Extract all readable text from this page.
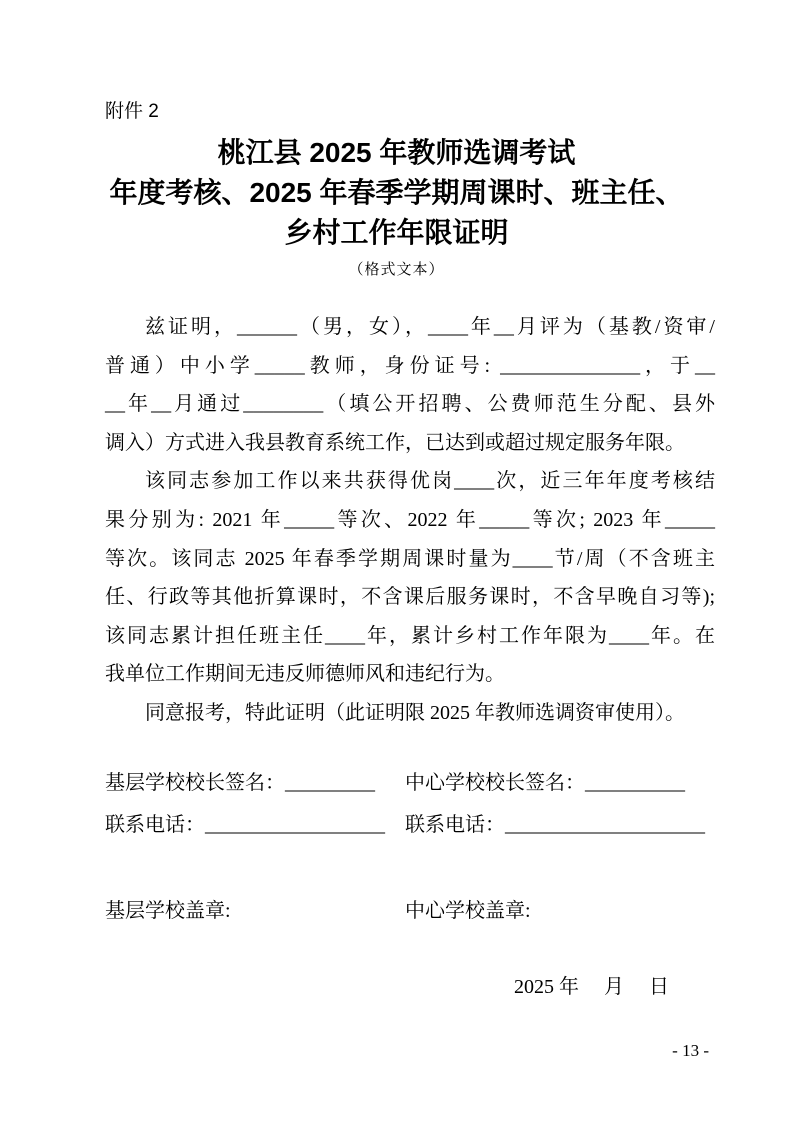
附件 2
桃江县 2025 年教师选调考试
年度考核、2025 年春季学期周课时、班主任、
乡村工作年限证明
（格式文本）
兹证明，______（男，女），____年__月评为（基教/资审/
普通）中小学_____教师，身份证号: ______________，于__
__年__月通过________（填公开招聘、公费师范生分配、县外
调入）方式进入我县教育系统工作，已达到或超过规定服务年限。
该同志参加工作以来共获得优岗____次，近三年年度考核结
果分别为: 2021 年_____等次、2022 年_____等次; 2023 年_____
等次。该同志 2025 年春季学期周课时量为____节/周（不含班主
任、行政等其他折算课时，不含课后服务课时，不含早晚自习等);
该同志累计担任班主任____年，累计乡村工作年限为____年。在
我单位工作期间无违反师德师风和违纪行为。
同意报考，特此证明（此证明限 2025 年教师选调资审使用）。
基层学校校长签名：_________	中心学校校长签名：__________
联系电话：__________________	联系电话：____________________
基层学校盖章:	中心学校盖章:
2025 年　 月　 日
- 13 -
